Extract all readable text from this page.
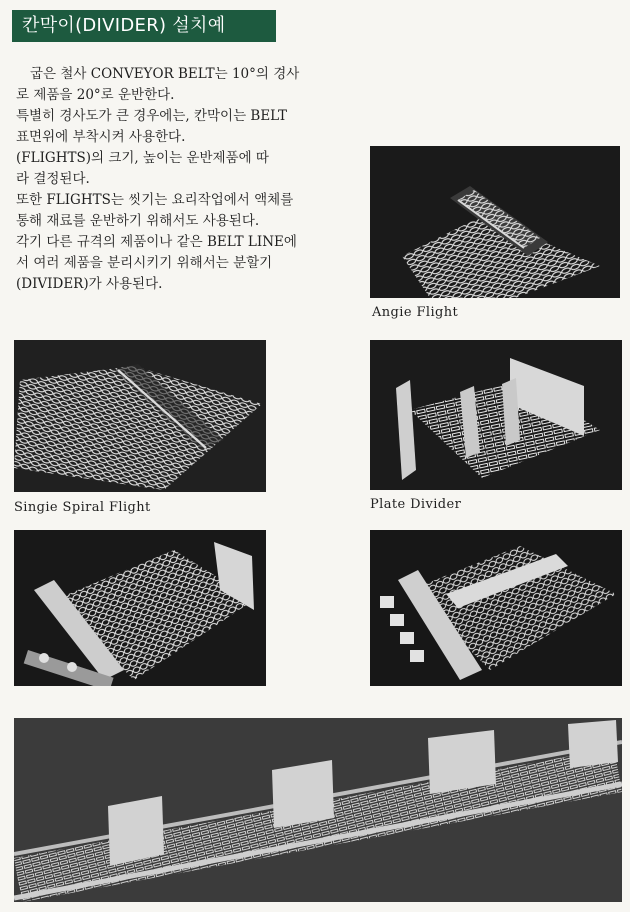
칸막이(DIVIDER) 설치예

굽은 철사 CONVEYOR BELT는 10°의 경사

로 제품을 20°로 운반한다.

특별히 경사도가 큰 경우에는, 칸막이는 BELT

표면위에 부착시켜 사용한다.

(FLIGHTS)의 크기, 높이는 운반제품에 따

라 결정된다.

또한 FLIGHTS는 씻기는 요리작업에서 액체를

통해 재료를 운반하기 위해서도 사용된다.

각기 다른 규격의 제품이나 같은 BELT LINE에

서 여러 제품을 분리시키기 위해서는 분할기

(DIVIDER)가 사용된다.

Angie Flight
Singie Spiral Flight	Plate Divider
